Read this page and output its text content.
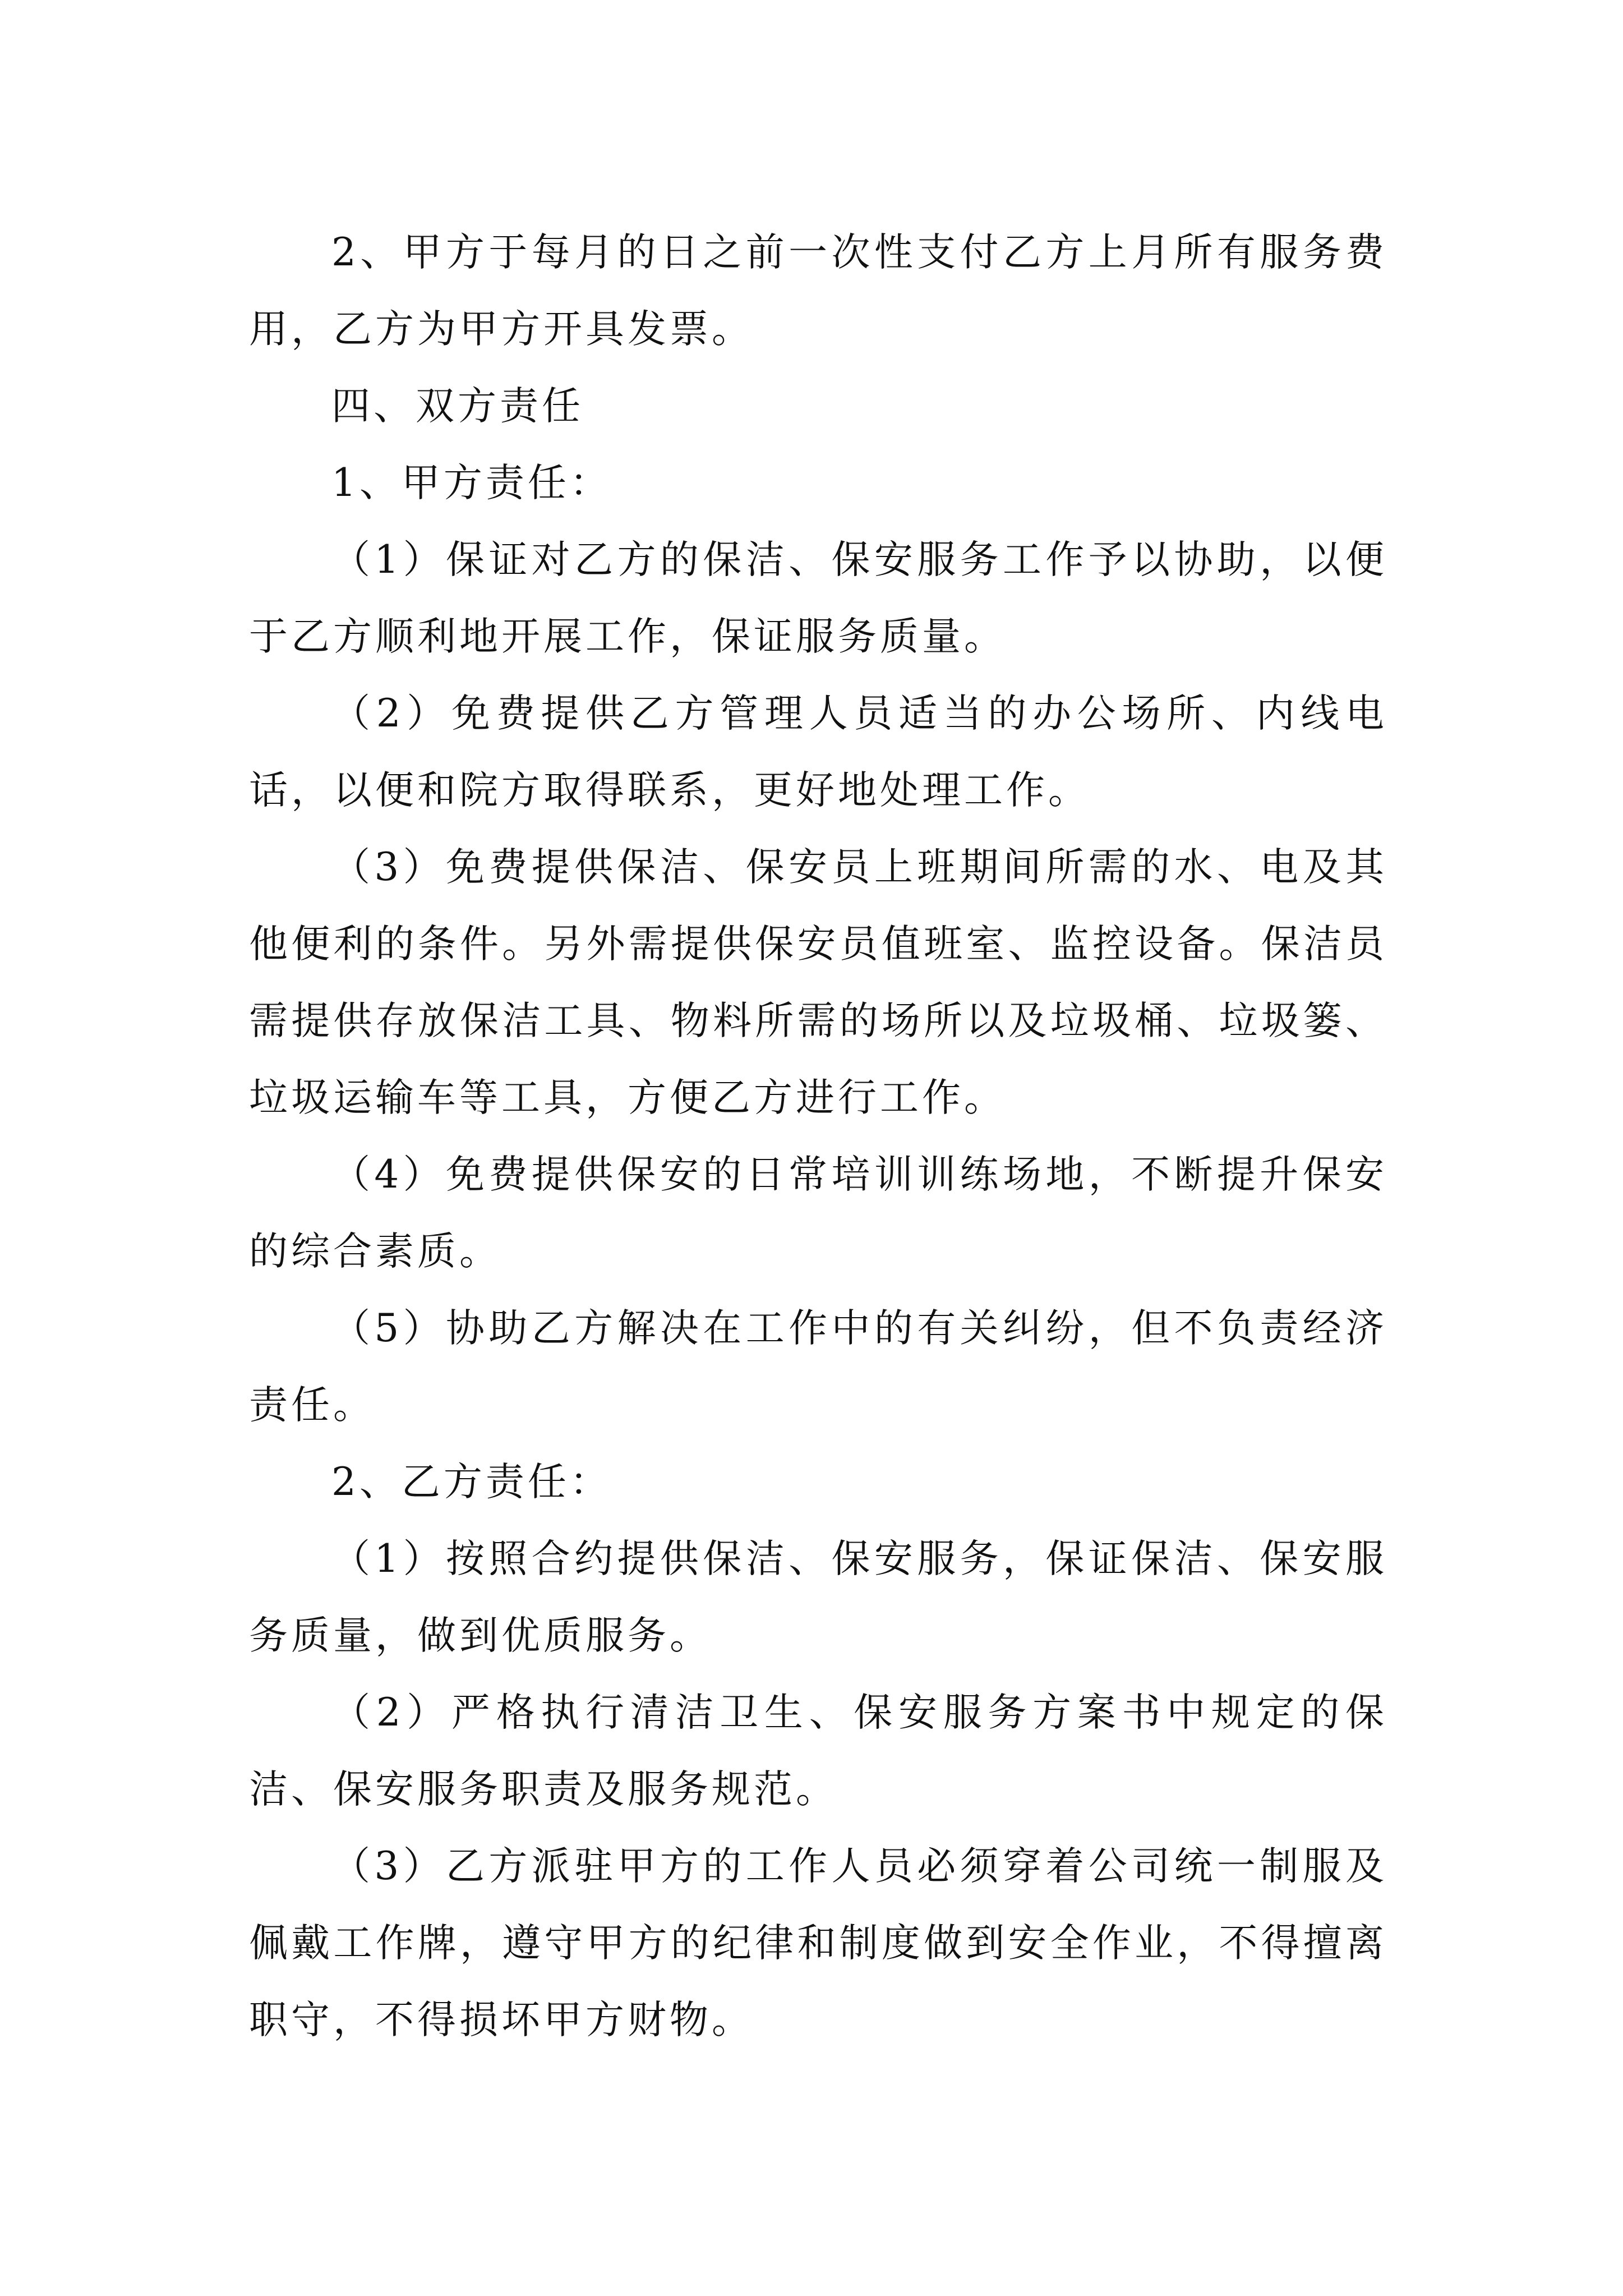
2、甲方于每月的日之前一次性支付乙方上月所有服务费用，乙方为甲方开具发票。

四、双方责任

1、甲方责任：

（1）保证对乙方的保洁、保安服务工作予以协助，以便于乙方顺利地开展工作，保证服务质量。

（2）免费提供乙方管理人员适当的办公场所、内线电话，以便和院方取得联系，更好地处理工作。

（3）免费提供保洁、保安员上班期间所需的水、电及其他便利的条件。另外需提供保安员值班室、监控设备。保洁员需提供存放保洁工具、物料所需的场所以及垃圾桶、垃圾篓、垃圾运输车等工具，方便乙方进行工作。

（4）免费提供保安的日常培训训练场地，不断提升保安的综合素质。

（5）协助乙方解决在工作中的有关纠纷，但不负责经济责任。

2、乙方责任：

（1）按照合约提供保洁、保安服务，保证保洁、保安服务质量，做到优质服务。

（2）严格执行清洁卫生、保安服务方案书中规定的保洁、保安服务职责及服务规范。

（3）乙方派驻甲方的工作人员必须穿着公司统一制服及佩戴工作牌，遵守甲方的纪律和制度做到安全作业，不得擅离职守，不得损坏甲方财物。
